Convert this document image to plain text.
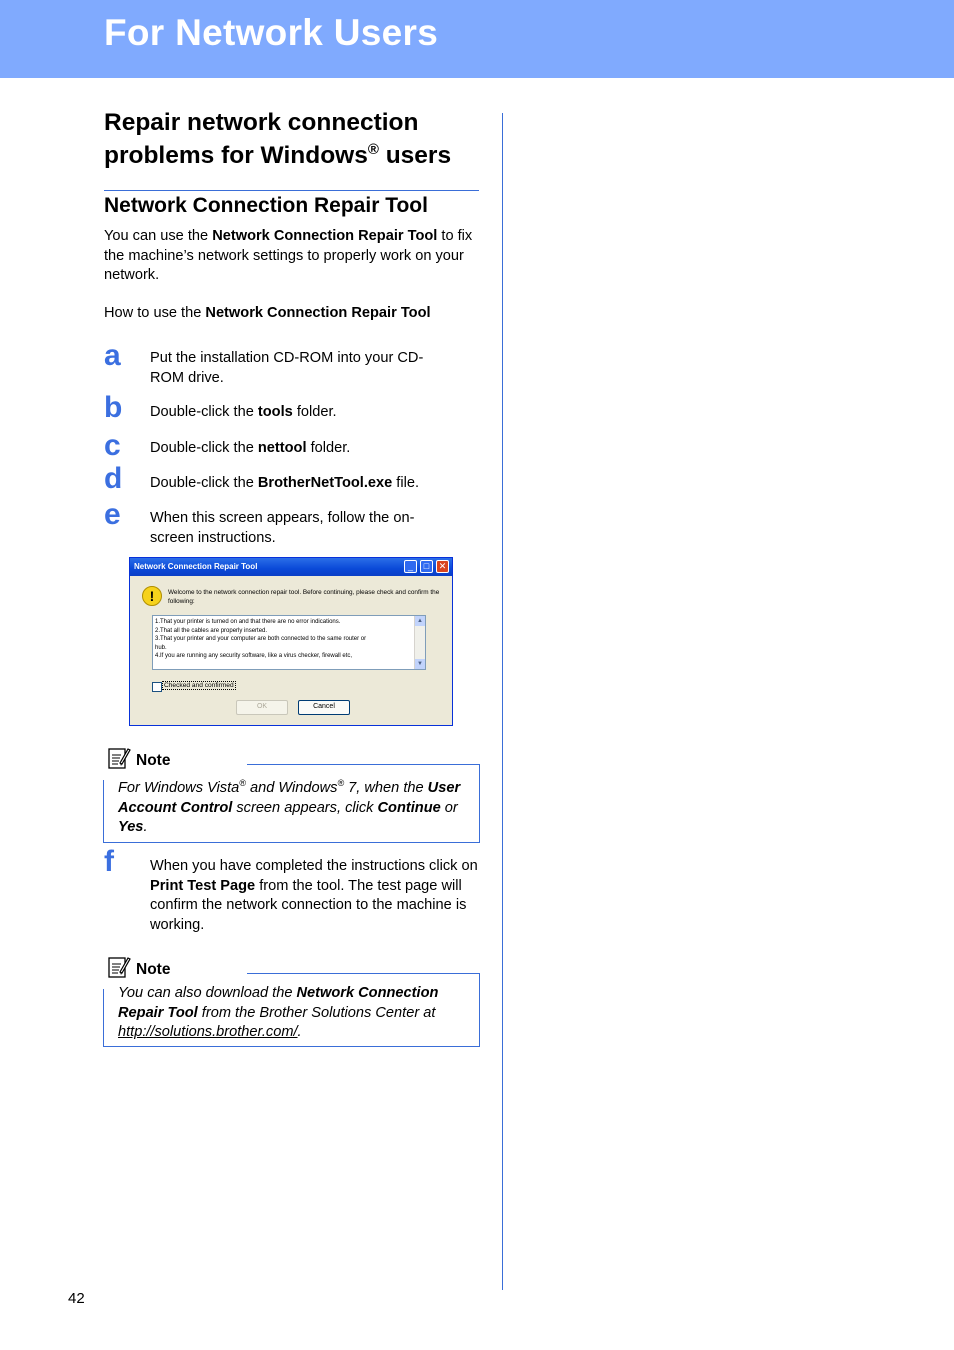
For Network Users
Repair network connection
problems for Windows® users
Network Connection Repair Tool
You can use the Network Connection Repair Tool to fix the machine’s network settings to properly work on your network.
How to use the Network Connection Repair Tool
a Put the installation CD-ROM into your CD-ROM drive.
b Double-click the tools folder.
c Double-click the nettool folder.
d Double-click the BrotherNetTool.exe file.
e When this screen appears, follow the on-screen instructions.
Network Connection Repair Tool	_	□	✕
!	Welcome to the network connection repair tool. Before continuing, please check and confirm the following:
1.That your printer is turned on and that there are no error indications.
2.That all the cables are properly inserted.
3.That your printer and your computer are both connected to the same router or
hub.
4.If you are running any security software, like a virus checker, firewall etc,
▲
▼
Checked and confirmed
OK	Cancel
Note
For Windows Vista® and Windows® 7, when the User Account Control screen appears, click Continue or Yes.
f When you have completed the instructions click on Print Test Page from the tool. The test page will confirm the network connection to the machine is working.
Note
You can also download the Network Connection Repair Tool from the Brother Solutions Center at http://solutions.brother.com/.
42
